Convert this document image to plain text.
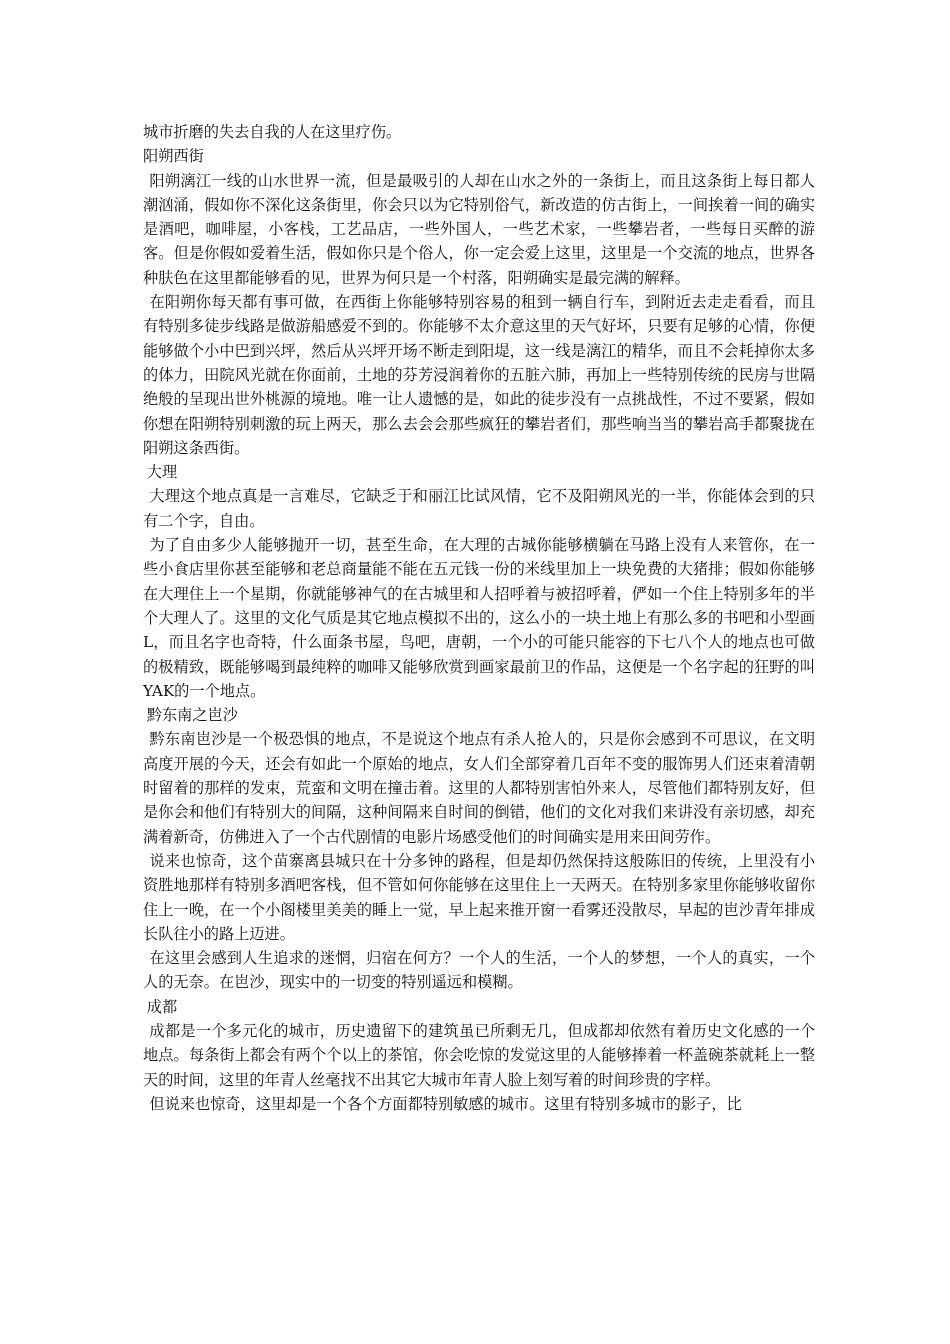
城市折磨的失去自我的人在这里疗伤。

阳朔西街

阳朔漓江一线的山水世界一流，但是最吸引的人却在山水之外的一条街上，而且这条街上每日都人潮汹涌，假如你不深化这条街里，你会只以为它特别俗气，新改造的仿古街上，一间挨着一间的确实是酒吧，咖啡屋，小客栈，工艺品店，一些外国人，一些艺术家，一些攀岩者，一些每日买醉的游客。但是你假如爱着生活，假如你只是个俗人，你一定会爱上这里，这里是一个交流的地点，世界各种肤色在这里都能够看的见，世界为何只是一个村落，阳朔确实是最完满的解释。

在阳朔你每天都有事可做，在西街上你能够特别容易的租到一辆自行车，到附近去走走看看，而且有特别多徒步线路是做游船感爱不到的。你能够不太介意这里的天气好坏，只要有足够的心情，你便能够做个小中巴到兴坪，然后从兴坪开场不断走到阳堤，这一线是漓江的精华，而且不会耗掉你太多的体力，田院风光就在你面前，土地的芬芳浸润着你的五脏六肺，再加上一些特别传统的民房与世隔绝般的呈现出世外桃源的境地。唯一让人遗憾的是，如此的徒步没有一点挑战性，不过不要紧，假如你想在阳朔特别刺激的玩上两天，那么去会会那些疯狂的攀岩者们，那些响当当的攀岩高手都聚拢在阳朔这条西街。

大理

大理这个地点真是一言难尽，它缺乏于和丽江比试风情，它不及阳朔风光的一半，你能体会到的只有二个字，自由。

为了自由多少人能够抛开一切，甚至生命，在大理的古城你能够横躺在马路上没有人来管你，在一些小食店里你甚至能够和老总商量能不能在五元钱一份的米线里加上一块免费的大猪排；假如你能够在大理住上一个星期，你就能够神气的在古城里和人招呼着与被招呼着，俨如一个住上特别多年的半个大理人了。这里的文化气质是其它地点模拟不出的，这么小的一块土地上有那么多的书吧和小型画L，而且名字也奇特，什么面条书屋，鸟吧，唐朝，一个小的可能只能容的下七八个人的地点也可做的极精致，既能够喝到最纯粹的咖啡又能够欣赏到画家最前卫的作品，这便是一个名字起的狂野的叫YAK的一个地点。

黔东南之岜沙

黔东南岜沙是一个极恐惧的地点，不是说这个地点有杀人抢人的，只是你会感到不可思议，在文明高度开展的今天，还会有如此一个原始的地点，女人们全部穿着几百年不变的服饰男人们还束着清朝时留着的那样的发束，荒蛮和文明在撞击着。这里的人都特别害怕外来人，尽管他们都特别友好，但是你会和他们有特别大的间隔，这种间隔来自时间的倒错，他们的文化对我们来讲没有亲切感，却充满着新奇，仿佛进入了一个古代剧情的电影片场感受他们的时间确实是用来田间劳作。

说来也惊奇，这个苗寨离县城只在十分多钟的路程，但是却仍然保持这般陈旧的传统，上里没有小资胜地那样有特别多酒吧客栈，但不管如何你能够在这里住上一天两天。在特别多家里你能够收留你住上一晚，在一个小阁楼里美美的睡上一觉，早上起来推开窗一看雾还没散尽，早起的岜沙青年排成长队往小的路上迈进。

在这里会感到人生追求的迷惘，归宿在何方？一个人的生活，一个人的梦想，一个人的真实，一个人的无奈。在岜沙，现实中的一切变的特别遥远和模糊。

成都

成都是一个多元化的城市，历史遗留下的建筑虽已所剩无几，但成都却依然有着历史文化感的一个地点。每条街上都会有两个个以上的茶馆，你会吃惊的发觉这里的人能够捧着一杯盖碗茶就耗上一整天的时间，这里的年青人丝毫找不出其它大城市年青人脸上刻写着的时间珍贵的字样。

但说来也惊奇，这里却是一个各个方面都特别敏感的城市。这里有特别多城市的影子，比
